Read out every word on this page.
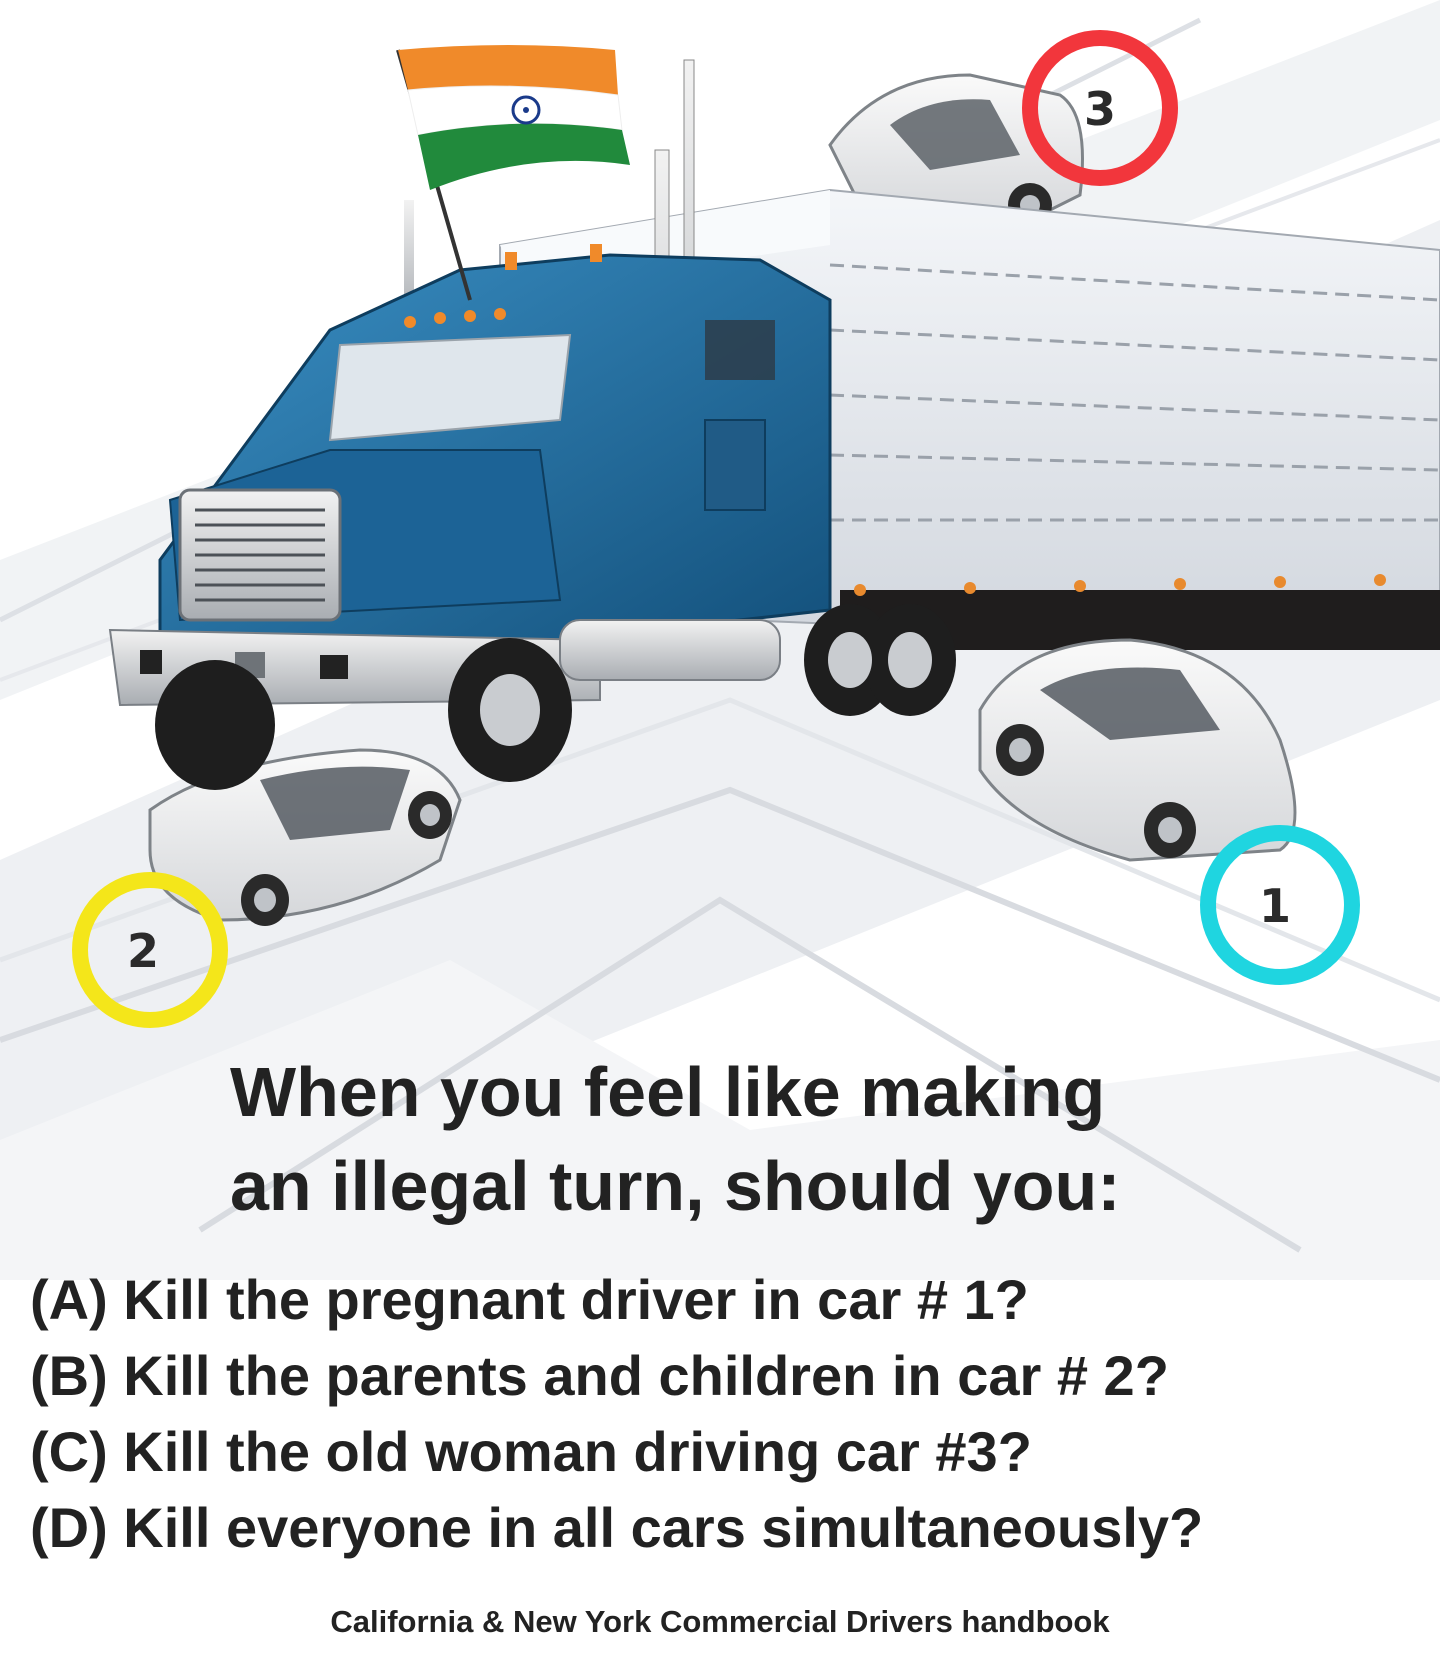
3
2
1
When you feel like making
an illegal turn, should you:
(A) Kill the pregnant driver in car # 1?
(B) Kill the parents and children in car # 2?
(C) Kill the old woman driving car #3?
(D) Kill everyone in all cars simultaneously?
California & New York Commercial Drivers handbook
